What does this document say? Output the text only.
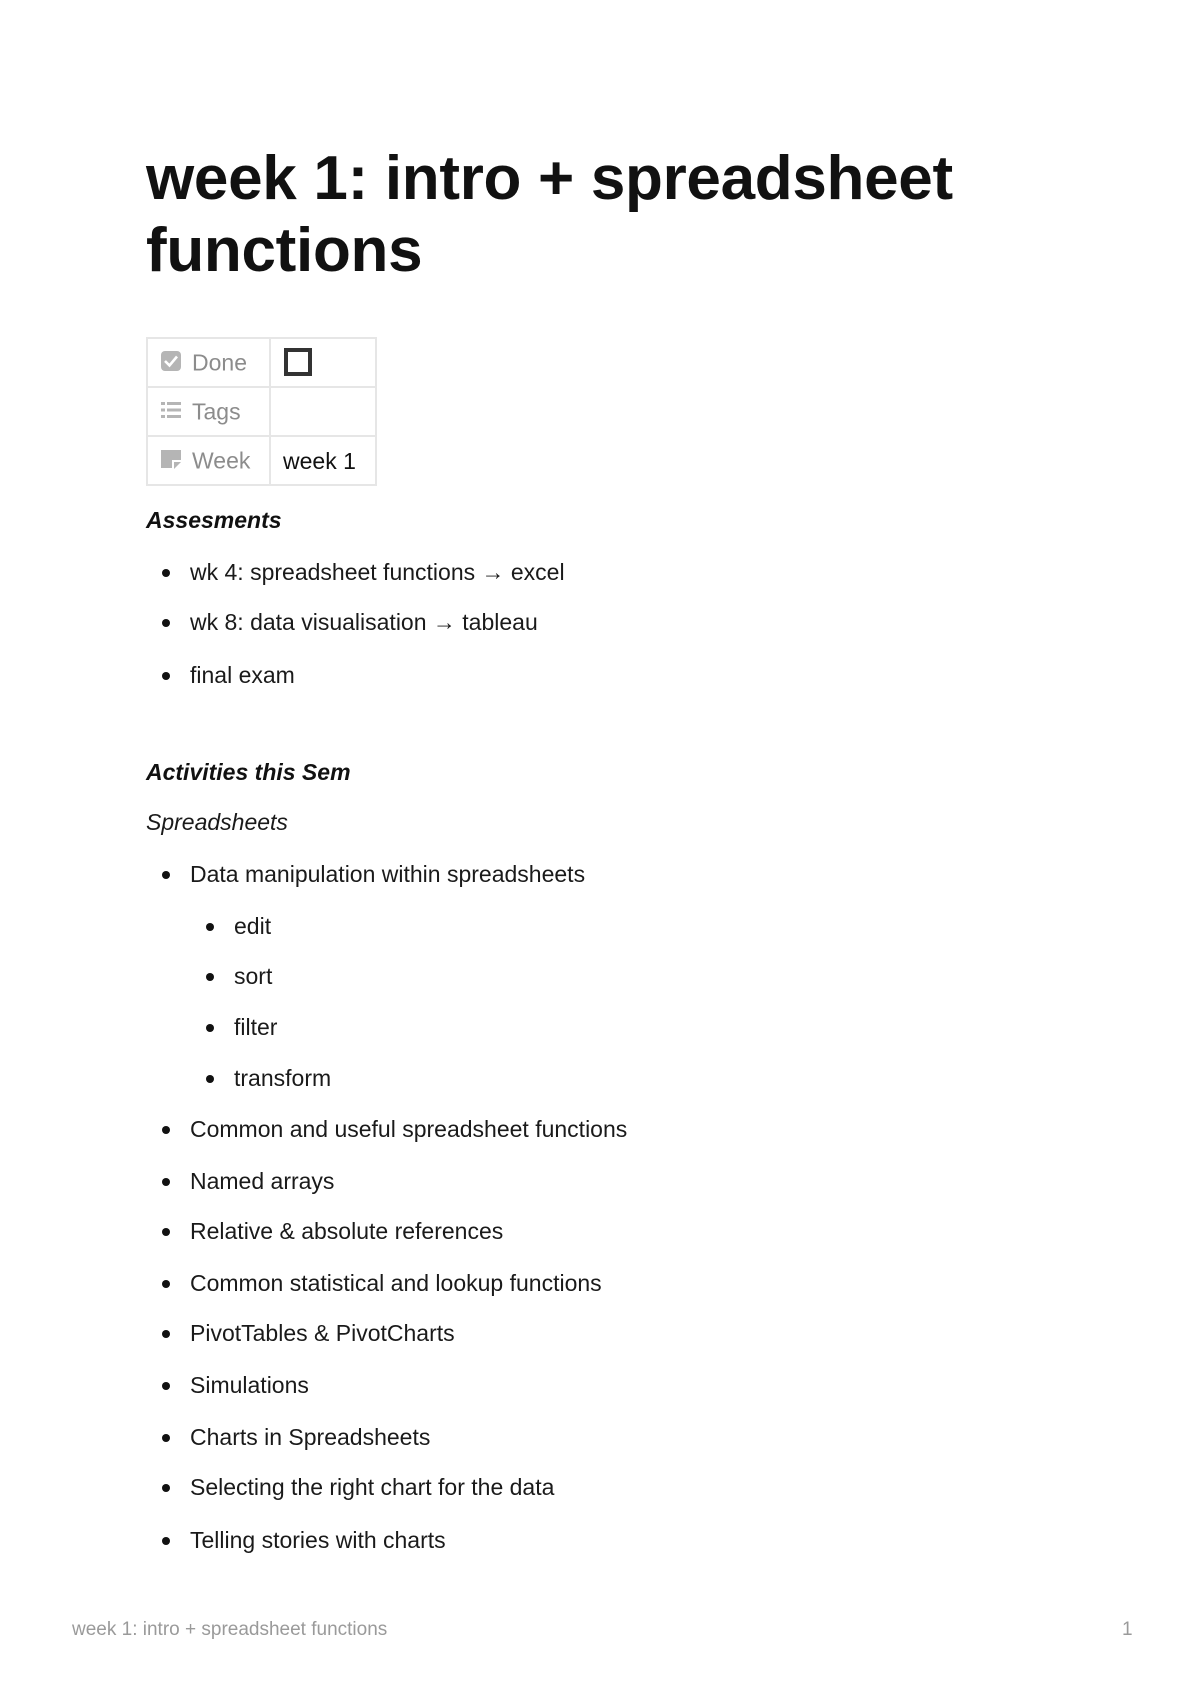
week 1: intro + spreadsheet functions
Done	
Tags	
Week	week 1
Assesments
wk 4: spreadsheet functions → excel
wk 8: data visualisation → tableau
final exam
Activities this Sem

Spreadsheets

Data manipulation within spreadsheets
edit
sort
filter
transform
Common and useful spreadsheet functions
Named arrays
Relative & absolute references
Common statistical and lookup functions
PivotTables & PivotCharts
Simulations
Charts in Spreadsheets
Selecting the right chart for the data
Telling stories with charts
week 1: intro + spreadsheet functions	1
